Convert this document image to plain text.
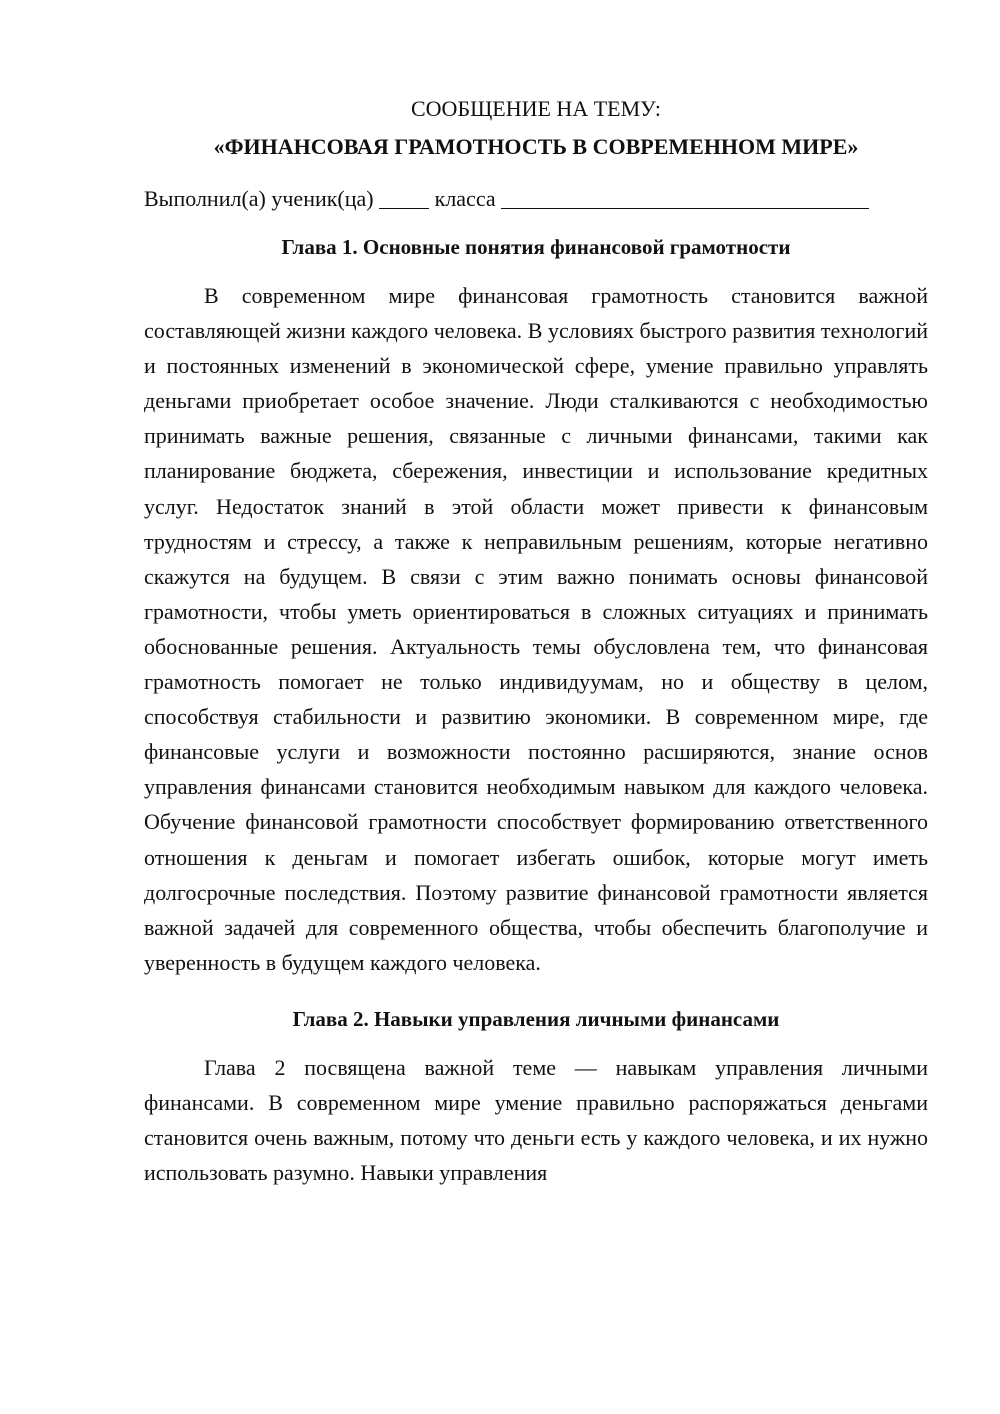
СООБЩЕНИЕ НА ТЕМУ:
«ФИНАНСОВАЯ ГРАМОТНОСТЬ В СОВРЕМЕННОМ МИРЕ»
Выполнил(а) ученик(ца)	класса
Глава 1. Основные понятия финансовой грамотности

В современном мире финансовая грамотность становится важной составляющей жизни каждого человека. В условиях быстрого развития технологий и постоянных изменений в экономической сфере, умение правильно управлять деньгами приобретает особое значение. Люди сталкиваются с необходимостью принимать важные решения, связанные с личными финансами, такими как планирование бюджета, сбережения, инвестиции и использование кредитных услуг. Недостаток знаний в этой области может привести к финансовым трудностям и стрессу, а также к неправильным решениям, которые негативно скажутся на будущем. В связи с этим важно понимать основы финансовой грамотности, чтобы уметь ориентироваться в сложных ситуациях и принимать обоснованные решения. Актуальность темы обусловлена тем, что финансовая грамотность помогает не только индивидуумам, но и обществу в целом, способствуя стабильности и развитию экономики. В современном мире, где финансовые услуги и возможности постоянно расширяются, знание основ управления финансами становится необходимым навыком для каждого человека. Обучение финансовой грамотности способствует формированию ответственного отношения к деньгам и помогает избегать ошибок, которые могут иметь долгосрочные последствия. Поэтому развитие финансовой грамотности является важной задачей для современного общества, чтобы обеспечить благополучие и уверенность в будущем каждого человека.

Глава 2. Навыки управления личными финансами

Глава 2 посвящена важной теме — навыкам управления личными финансами. В современном мире умение правильно распоряжаться деньгами становится очень важным, потому что деньги есть у каждого человека, и их нужно использовать разумно. Навыки управления
